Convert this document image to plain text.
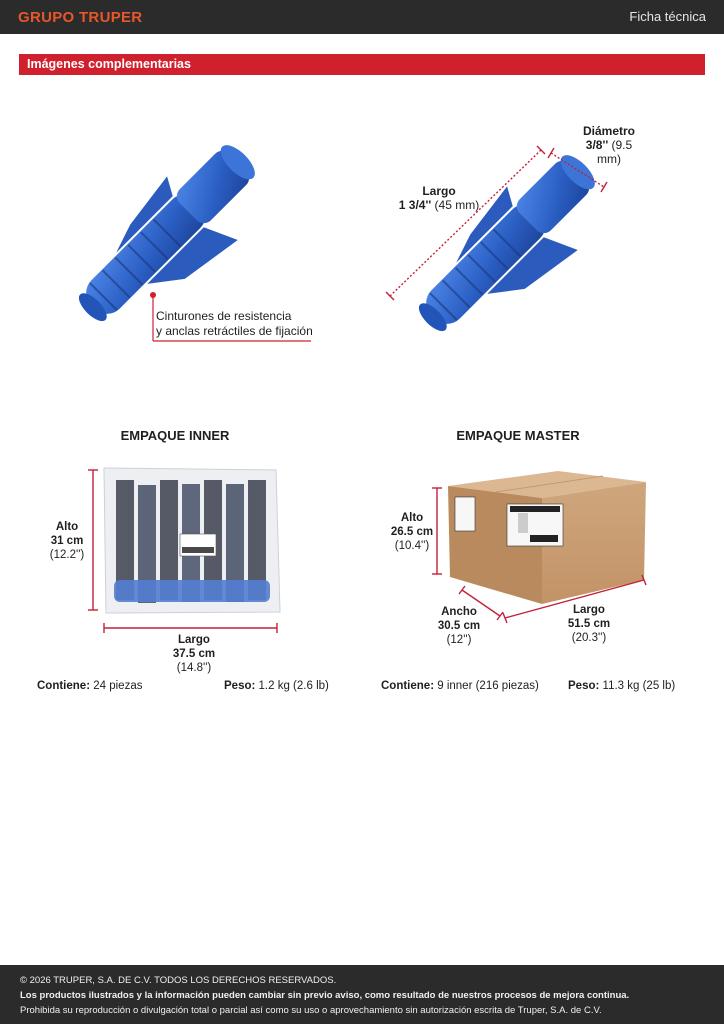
GRUPO TRUPER	Ficha técnica
Imágenes complementarias
Cinturones de resistencia
y anclas retráctiles de fijación
Diámetro
3/8'' (9.5 mm)
Largo
1 3/4'' (45 mm)
EMPAQUE INNER
Alto
31 cm
(12.2'')
Largo
37.5 cm
(14.8'')
Contiene: 24 piezas	Peso: 1.2 kg (2.6 lb)
EMPAQUE MASTER
Alto
26.5 cm
(10.4'')
Ancho
30.5 cm
(12'')
Largo
51.5 cm
(20.3'')
Contiene: 9 inner (216 piezas)	Peso: 11.3 kg (25 lb)
© 2026 TRUPER, S.A. DE C.V. TODOS LOS DERECHOS RESERVADOS.
Los productos ilustrados y la información pueden cambiar sin previo aviso, como resultado de nuestros procesos de mejora continua.
Prohibida su reproducción o divulgación total o parcial así como su uso o aprovechamiento sin autorización escrita de Truper, S.A. de C.V.
